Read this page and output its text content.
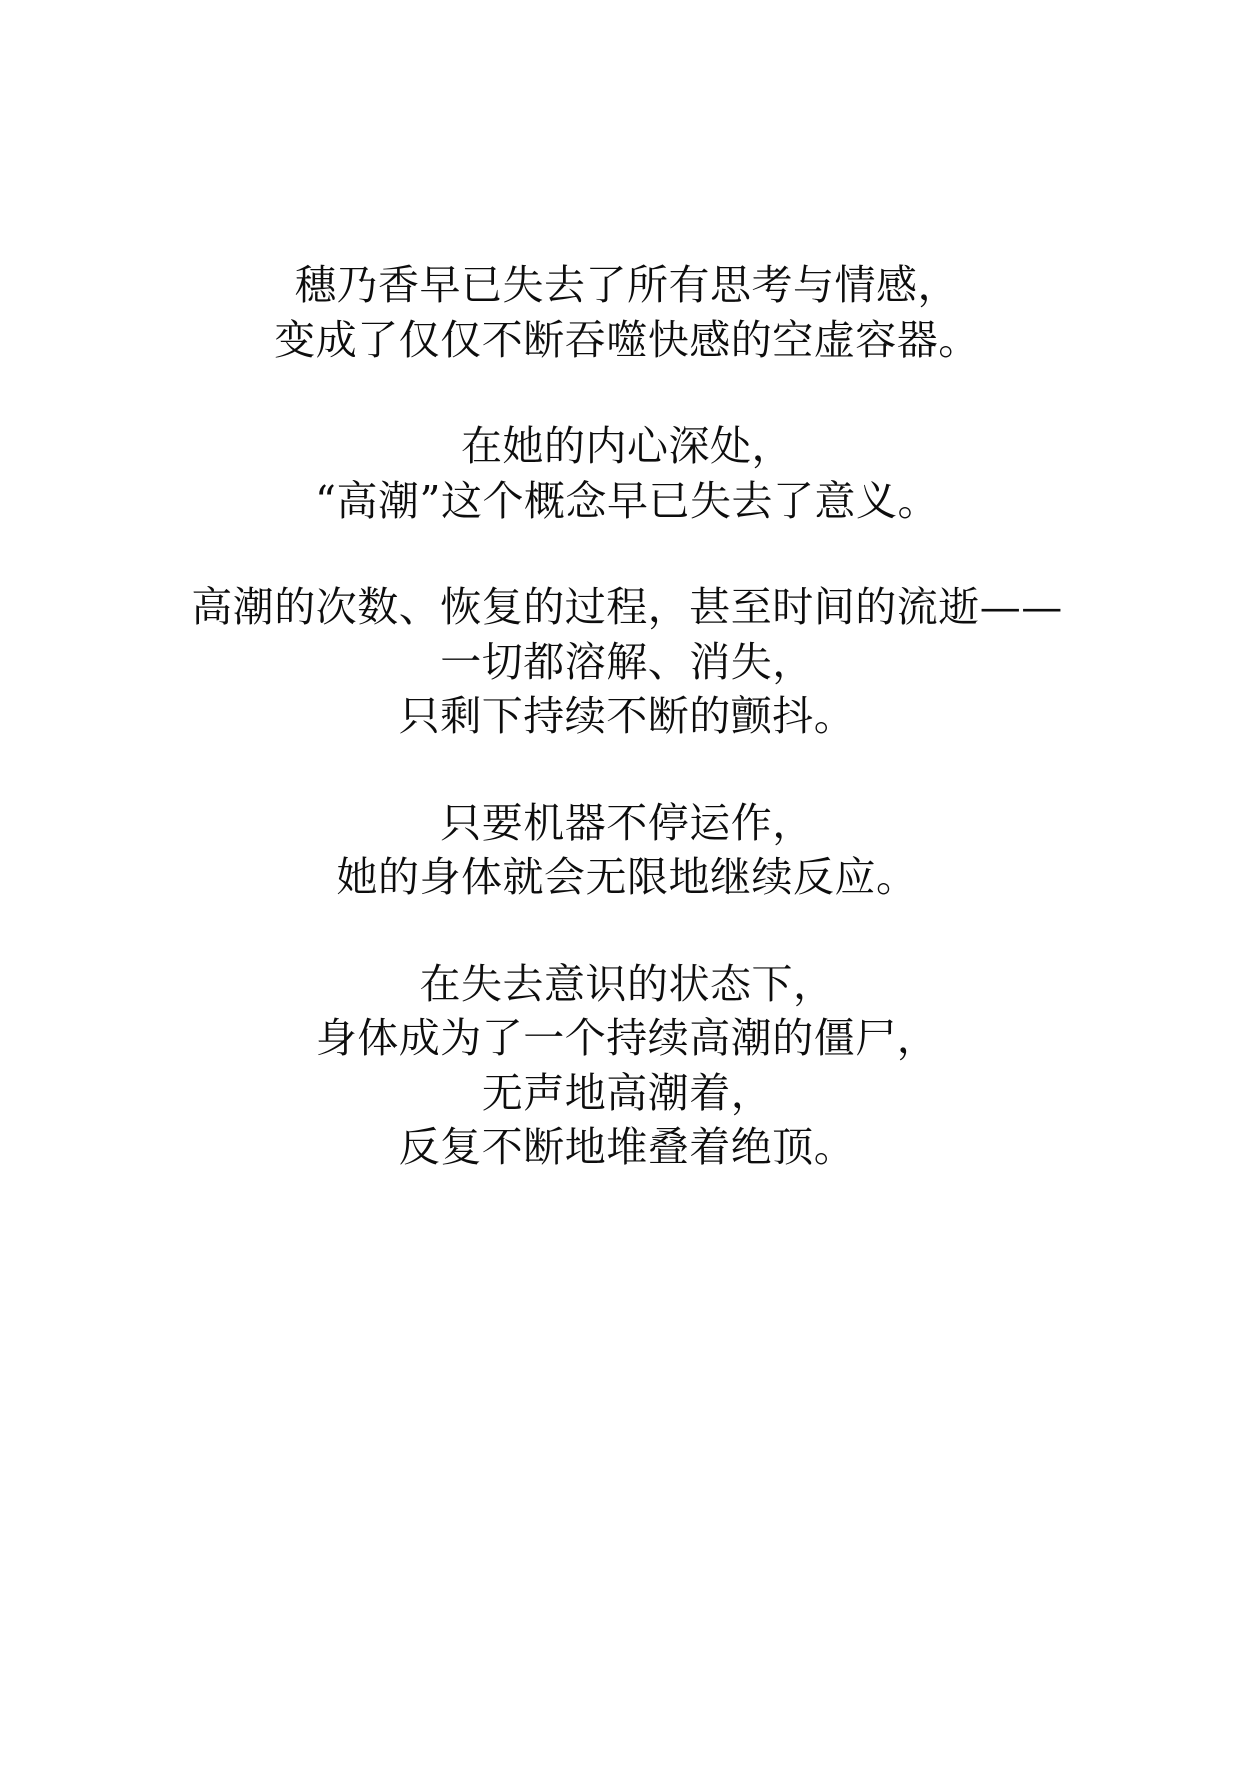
穗乃香早已失去了所有思考与情感，
变成了仅仅不断吞噬快感的空虚容器。
在她的内心深处，
“高潮”这个概念早已失去了意义。
高潮的次数、恢复的过程，甚至时间的流逝——
一切都溶解、消失，
只剩下持续不断的颤抖。
只要机器不停运作，
她的身体就会无限地继续反应。
在失去意识的状态下，
身体成为了一个持续高潮的僵尸，
无声地高潮着，
反复不断地堆叠着绝顶。
